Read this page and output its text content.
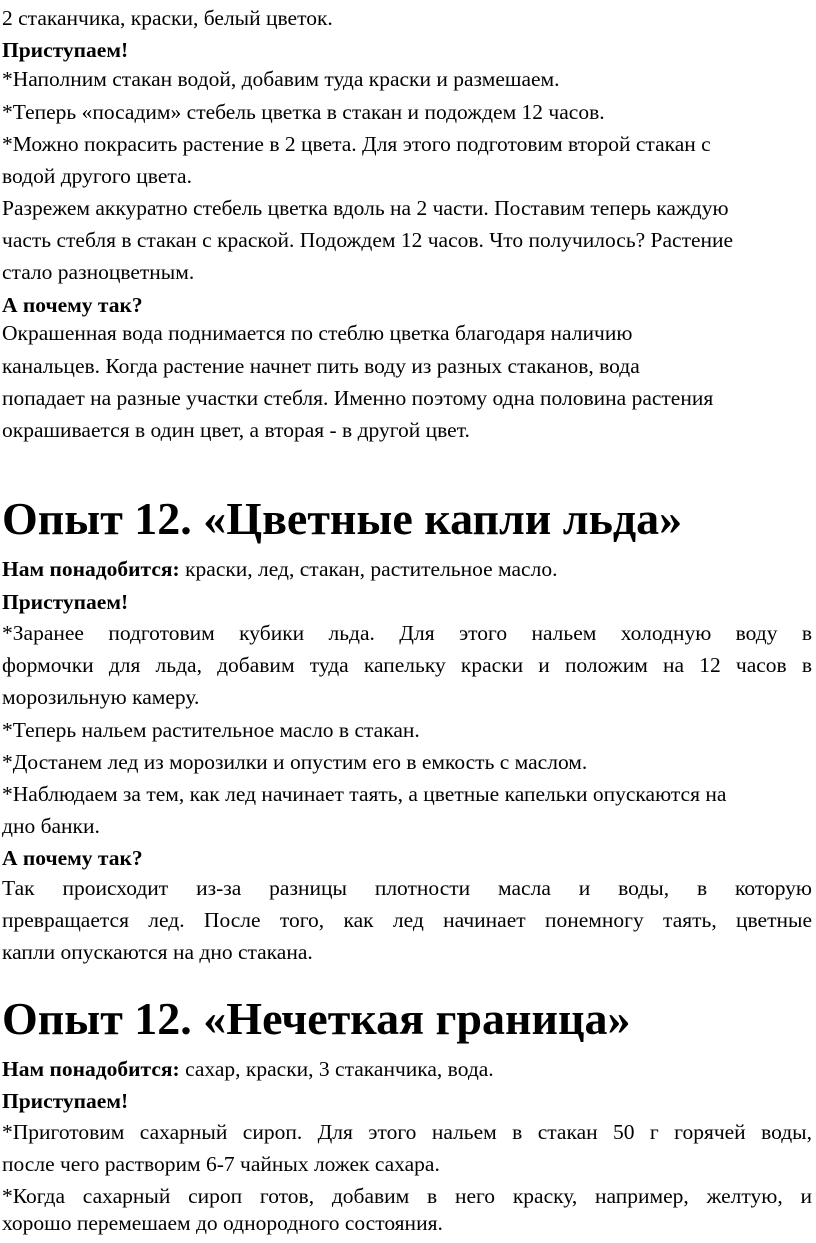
2 стаканчика, краски, белый цветок.
Приступаем!
*Наполним стакан водой, добавим туда краски и размешаем.
*Теперь «посадим» стебель цветка в стакан и подождем 12 часов.
*Можно покрасить растение в 2 цвета. Для этого подготовим второй стакан с
водой другого цвета.
Разрежем аккуратно стебель цветка вдоль на 2 части. Поставим теперь каждую
часть стебля в стакан с краской. Подождем 12 часов. Что получилось? Растение
стало разноцветным.
А почему так?
Окрашенная вода поднимается по стеблю цветка благодаря наличию
канальцев. Когда растение начнет пить воду из разных стаканов, вода
попадает на разные участки стебля. Именно поэтому одна половина растения
окрашивается в один цвет, а вторая - в другой цвет.
Опыт 12. «Цветные капли льда»
Нам понадобится: краски, лед, стакан, растительное масло.
Приступаем!
*Заранее подготовим кубики льда. Для этого нальем холодную воду в
формочки для льда, добавим туда капельку краски и положим на 12 часов в
морозильную камеру.
*Теперь нальем растительное масло в стакан.
*Достанем лед из морозилки и опустим его в емкость с маслом.
*Наблюдаем за тем, как лед начинает таять, а цветные капельки опускаются на
дно банки.
А почему так?
Так происходит из-за разницы плотности масла и воды, в которую
превращается лед. После того, как лед начинает понемногу таять, цветные
капли опускаются на дно стакана.
Опыт 12. «Нечеткая граница»
Нам понадобится: сахар, краски, 3 стаканчика, вода.
Приступаем!
*Приготовим сахарный сироп. Для этого нальем в стакан 50 г горячей воды,
после чего растворим 6-7 чайных ложек сахара.
*Когда сахарный сироп готов, добавим в него краску, например, желтую, и
хорошо перемешаем до однородного состояния.
